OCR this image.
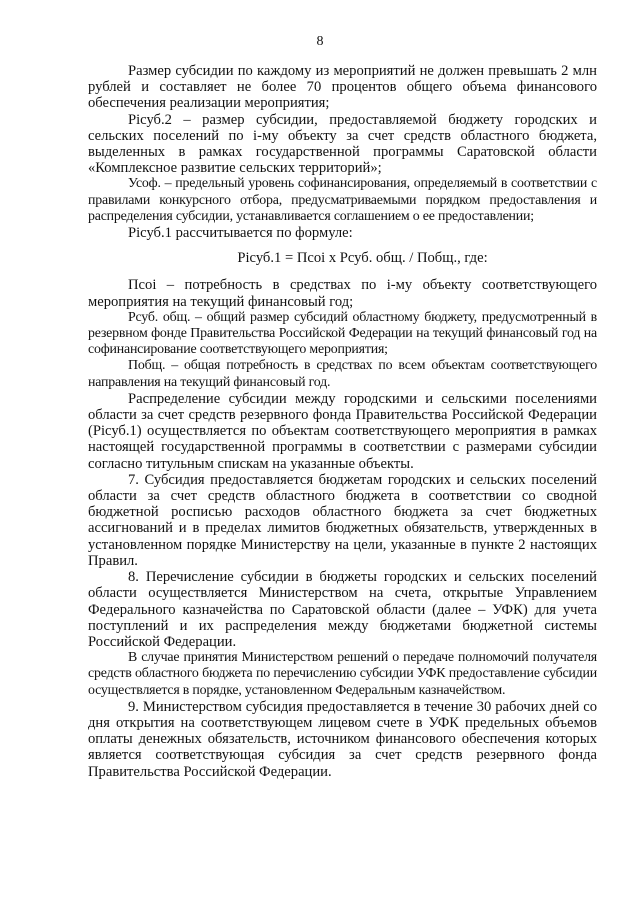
8

Размер субсидии по каждому из мероприятий не должен превышать 2 млн рублей и составляет не более 70 процентов общего объема финансового обеспечения реализации мероприятия;

Рiсуб.2 – размер субсидии, предоставляемой бюджету городских и сельских поселений по i-му объекту за счет средств областного бюджета, выделенных в рамках государственной программы Саратовской области «Комплексное развитие сельских территорий»;

Усоф. – предельный уровень софинансирования, определяемый в соответствии с правилами конкурсного отбора, предусматриваемыми порядком предоставления и распределения субсидии, устанавливается соглашением о ее предоставлении;

Рiсуб.1 рассчитывается по формуле:

Рiсуб.1 = Пcoi x Рсуб. общ. / Побщ., где:

Пcoi – потребность в средствах по i-му объекту соответствующего мероприятия на текущий финансовый год;

Рсуб. общ. – общий размер субсидий областному бюджету, предусмотренный в резервном фонде Правительства Российской Федерации на текущий финансовый год на софинансирование соответствующего мероприятия;

Побщ. – общая потребность в средствах по всем объектам соответствующего направления на текущий финансовый год.

Распределение субсидии между городскими и сельскими поселениями области за счет средств резервного фонда Правительства Российской Федерации (Рiсуб.1) осуществляется по объектам соответствующего мероприятия в рамках настоящей государственной программы в соответствии с размерами субсидии согласно титульным спискам на указанные объекты.

7. Субсидия предоставляется бюджетам городских и сельских поселений области за счет средств областного бюджета в соответствии со сводной бюджетной росписью расходов областного бюджета за счет бюджетных ассигнований и в пределах лимитов бюджетных обязательств, утвержденных в установленном порядке Министерству на цели, указанные в пункте 2 настоящих Правил.

8. Перечисление субсидии в бюджеты городских и сельских поселений области осуществляется Министерством на счета, открытые Управлением Федерального казначейства по Саратовской области (далее – УФК) для учета поступлений и их распределения между бюджетами бюджетной системы Российской Федерации.

В случае принятия Министерством решений о передаче полномочий получателя средств областного бюджета по перечислению субсидии УФК предоставление субсидии осуществляется в порядке, установленном Федеральным казначейством.

9. Министерством субсидия предоставляется в течение 30 рабочих дней со дня открытия на соответствующем лицевом счете в УФК предельных объемов оплаты денежных обязательств, источником финансового обеспечения которых является соответствующая субсидия за счет средств резервного фонда Правительства Российской Федерации.
